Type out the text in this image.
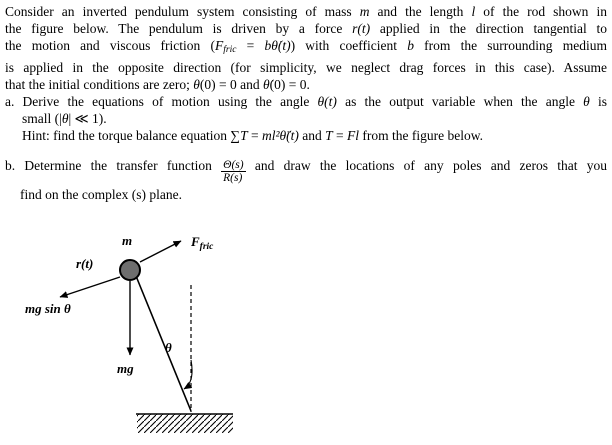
Consider an inverted pendulum system consisting of mass m and the length l of the rod shown in
the figure below. The pendulum is driven by a force r(t) applied in the direction tangential to
the motion and viscous friction (Ffric = bθ̇(t)) with coefficient b from the surrounding medium
is applied in the opposite direction (for simplicity, we neglect drag forces in this case). Assume
that the initial conditions are zero; θ(0) = 0 and θ̇(0) = 0.
a. Derive the equations of motion using the angle θ(t) as the output variable when the angle θ is
small (|θ| ≪ 1).
Hint: find the torque balance equation ∑T = ml²θ̈(t) and T = Fl from the figure below.
b. Determine the transfer function $\frac{\Theta(s)}{R(s)}$ and draw the locations of any poles and zeros that you
find on the complex (s) plane.
m	$F_{fric}$
r(t)
mg sin θ
mg
θ
